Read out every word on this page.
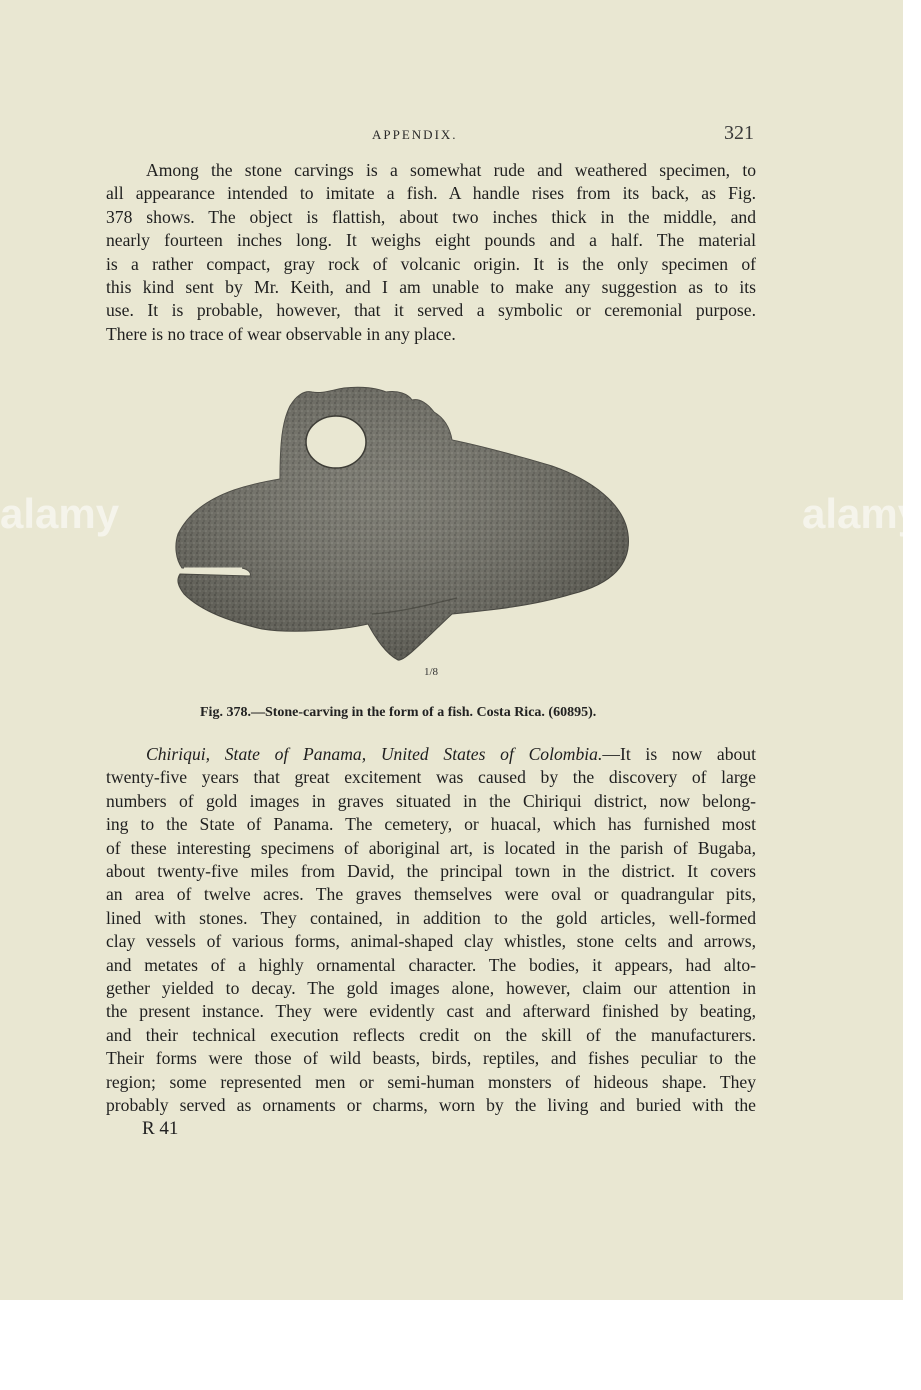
APPENDIX.	321
Among the stone carvings is a somewhat rude and weathered specimen, to
all appearance intended to imitate a fish. A handle rises from its back, as Fig.
378 shows. The object is flattish, about two inches thick in the middle, and
nearly fourteen inches long. It weighs eight pounds and a half. The material
is a rather compact, gray rock of volcanic origin. It is the only specimen of
this kind sent by Mr. Keith, and I am unable to make any suggestion as to its
use. It is probable, however, that it served a symbolic or ceremonial purpose.
There is no trace of wear observable in any place.
1/8
Fig. 378.—Stone-carving in the form of a fish. Costa Rica. (60895).
Chiriqui, State of Panama, United States of Colombia.—It is now about
twenty-five years that great excitement was caused by the discovery of large
numbers of gold images in graves situated in the Chiriqui district, now belong-
ing to the State of Panama. The cemetery, or huacal, which has furnished most
of these interesting specimens of aboriginal art, is located in the parish of Bugaba,
about twenty-five miles from David, the principal town in the district. It covers
an area of twelve acres. The graves themselves were oval or quadrangular pits,
lined with stones. They contained, in addition to the gold articles, well-formed
clay vessels of various forms, animal-shaped clay whistles, stone celts and arrows,
and metates of a highly ornamental character. The bodies, it appears, had alto-
gether yielded to decay. The gold images alone, however, claim our attention in
the present instance. They were evidently cast and afterward finished by beating,
and their technical execution reflects credit on the skill of the manufacturers.
Their forms were those of wild beasts, birds, reptiles, and fishes peculiar to the
region; some represented men or semi-human monsters of hideous shape. They
probably served as ornaments or charms, worn by the living and buried with the
R 41
alamy	alamy
